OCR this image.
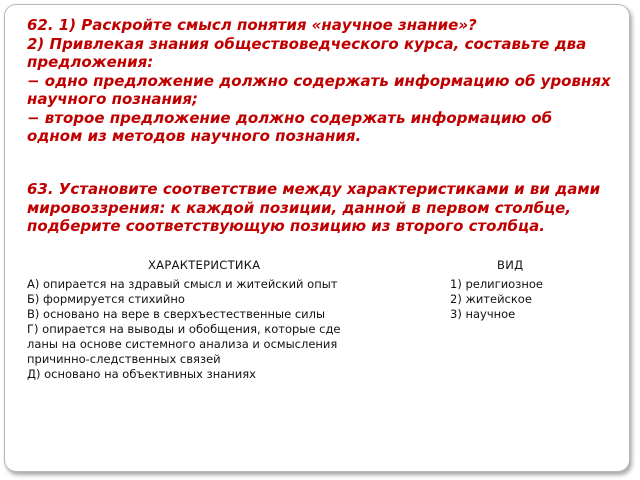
62. 1) Раскройте смысл понятия «научное знание»?
2) Привлекая знания обществоведческого курса, составьте два предложения:
− одно предложение должно содержать информацию об уровнях научного познания;
− второе предложение должно содержать информацию об одном из методов научного познания.
63. Установите соответствие между характеристиками и ви дами мировоззрения: к каждой позиции, данной в первом столбце, подберите соответствующую позицию из второго столбца.
ХАРАКТЕРИСТИКА	ВИД
А) опирается на здравый смысл и житейский опыт
Б) формируется стихийно
В) основано на вере в сверхъестественные силы
Г) опирается на выводы и обобщения, которые сде
ланы на основе системного анализа и осмысления
причинно-следственных связей
Д) основано на объективных знаниях
1) религиозное
2) житейское
3) научное
